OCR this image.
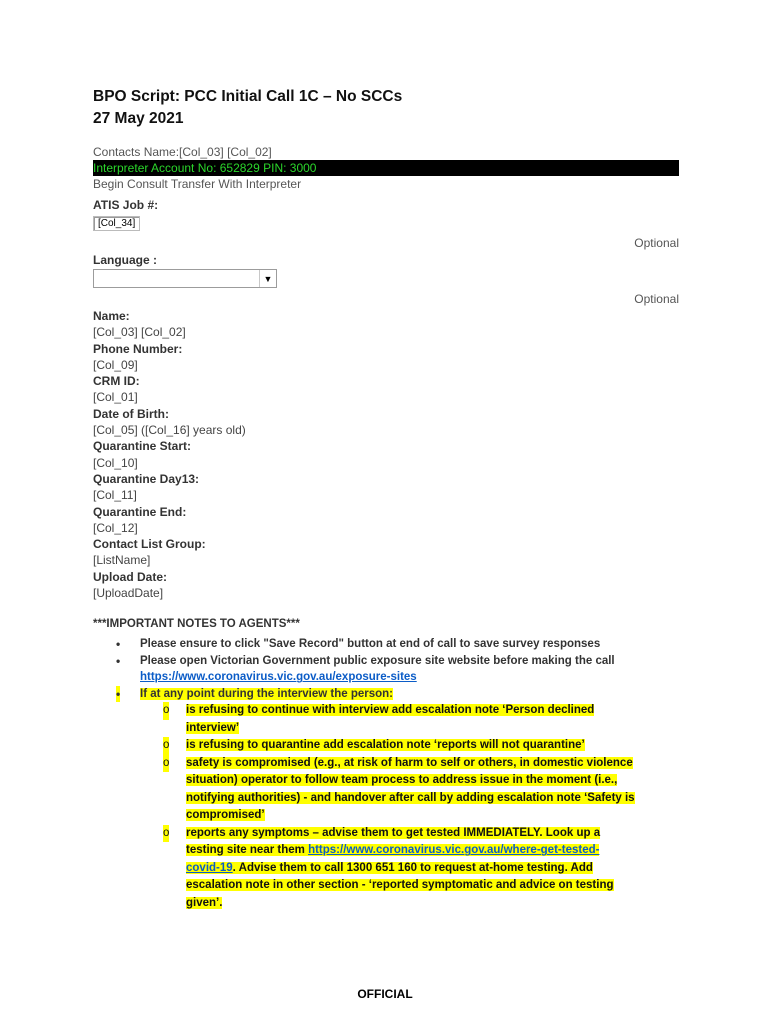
BPO Script: PCC Initial Call 1C – No SCCs
27 May 2021
Contacts Name:[Col_03] [Col_02]
Interpreter Account No: 652829 PIN: 3000
Begin Consult Transfer With Interpreter
ATIS Job #:
[Col_34]
Optional
Language :
▼
Optional
Name:
[Col_03] [Col_02]
Phone Number:
[Col_09]
CRM ID:
[Col_01]
Date of Birth:
[Col_05] ([Col_16] years old)
Quarantine Start:
[Col_10]
Quarantine Day13:
[Col_11]
Quarantine End:
[Col_12]
Contact List Group:
[ListName]
Upload Date:
[UploadDate]
***IMPORTANT NOTES TO AGENTS***
• Please ensure to click "Save Record" button at end of call to save survey responses
• Please open Victorian Government public exposure site website before making the call
https://www.coronavirus.vic.gov.au/exposure-sites
• If at any point during the interview the person:
o is refusing to continue with interview add escalation note ‘Person declined
interview’
o is refusing to quarantine add escalation note ‘reports will not quarantine’
o safety is compromised (e.g., at risk of harm to self or others, in domestic violence
situation) operator to follow team process to address issue in the moment (i.e.,
notifying authorities) - and handover after call by adding escalation note ‘Safety is
compromised’
o reports any symptoms – advise them to get tested IMMEDIATELY. Look up a
testing site near them https://www.coronavirus.vic.gov.au/where-get-tested-
covid-19. Advise them to call 1300 651 160 to request at-home testing. Add
escalation note in other section - ‘reported symptomatic and advice on testing
given’.
OFFICIAL
